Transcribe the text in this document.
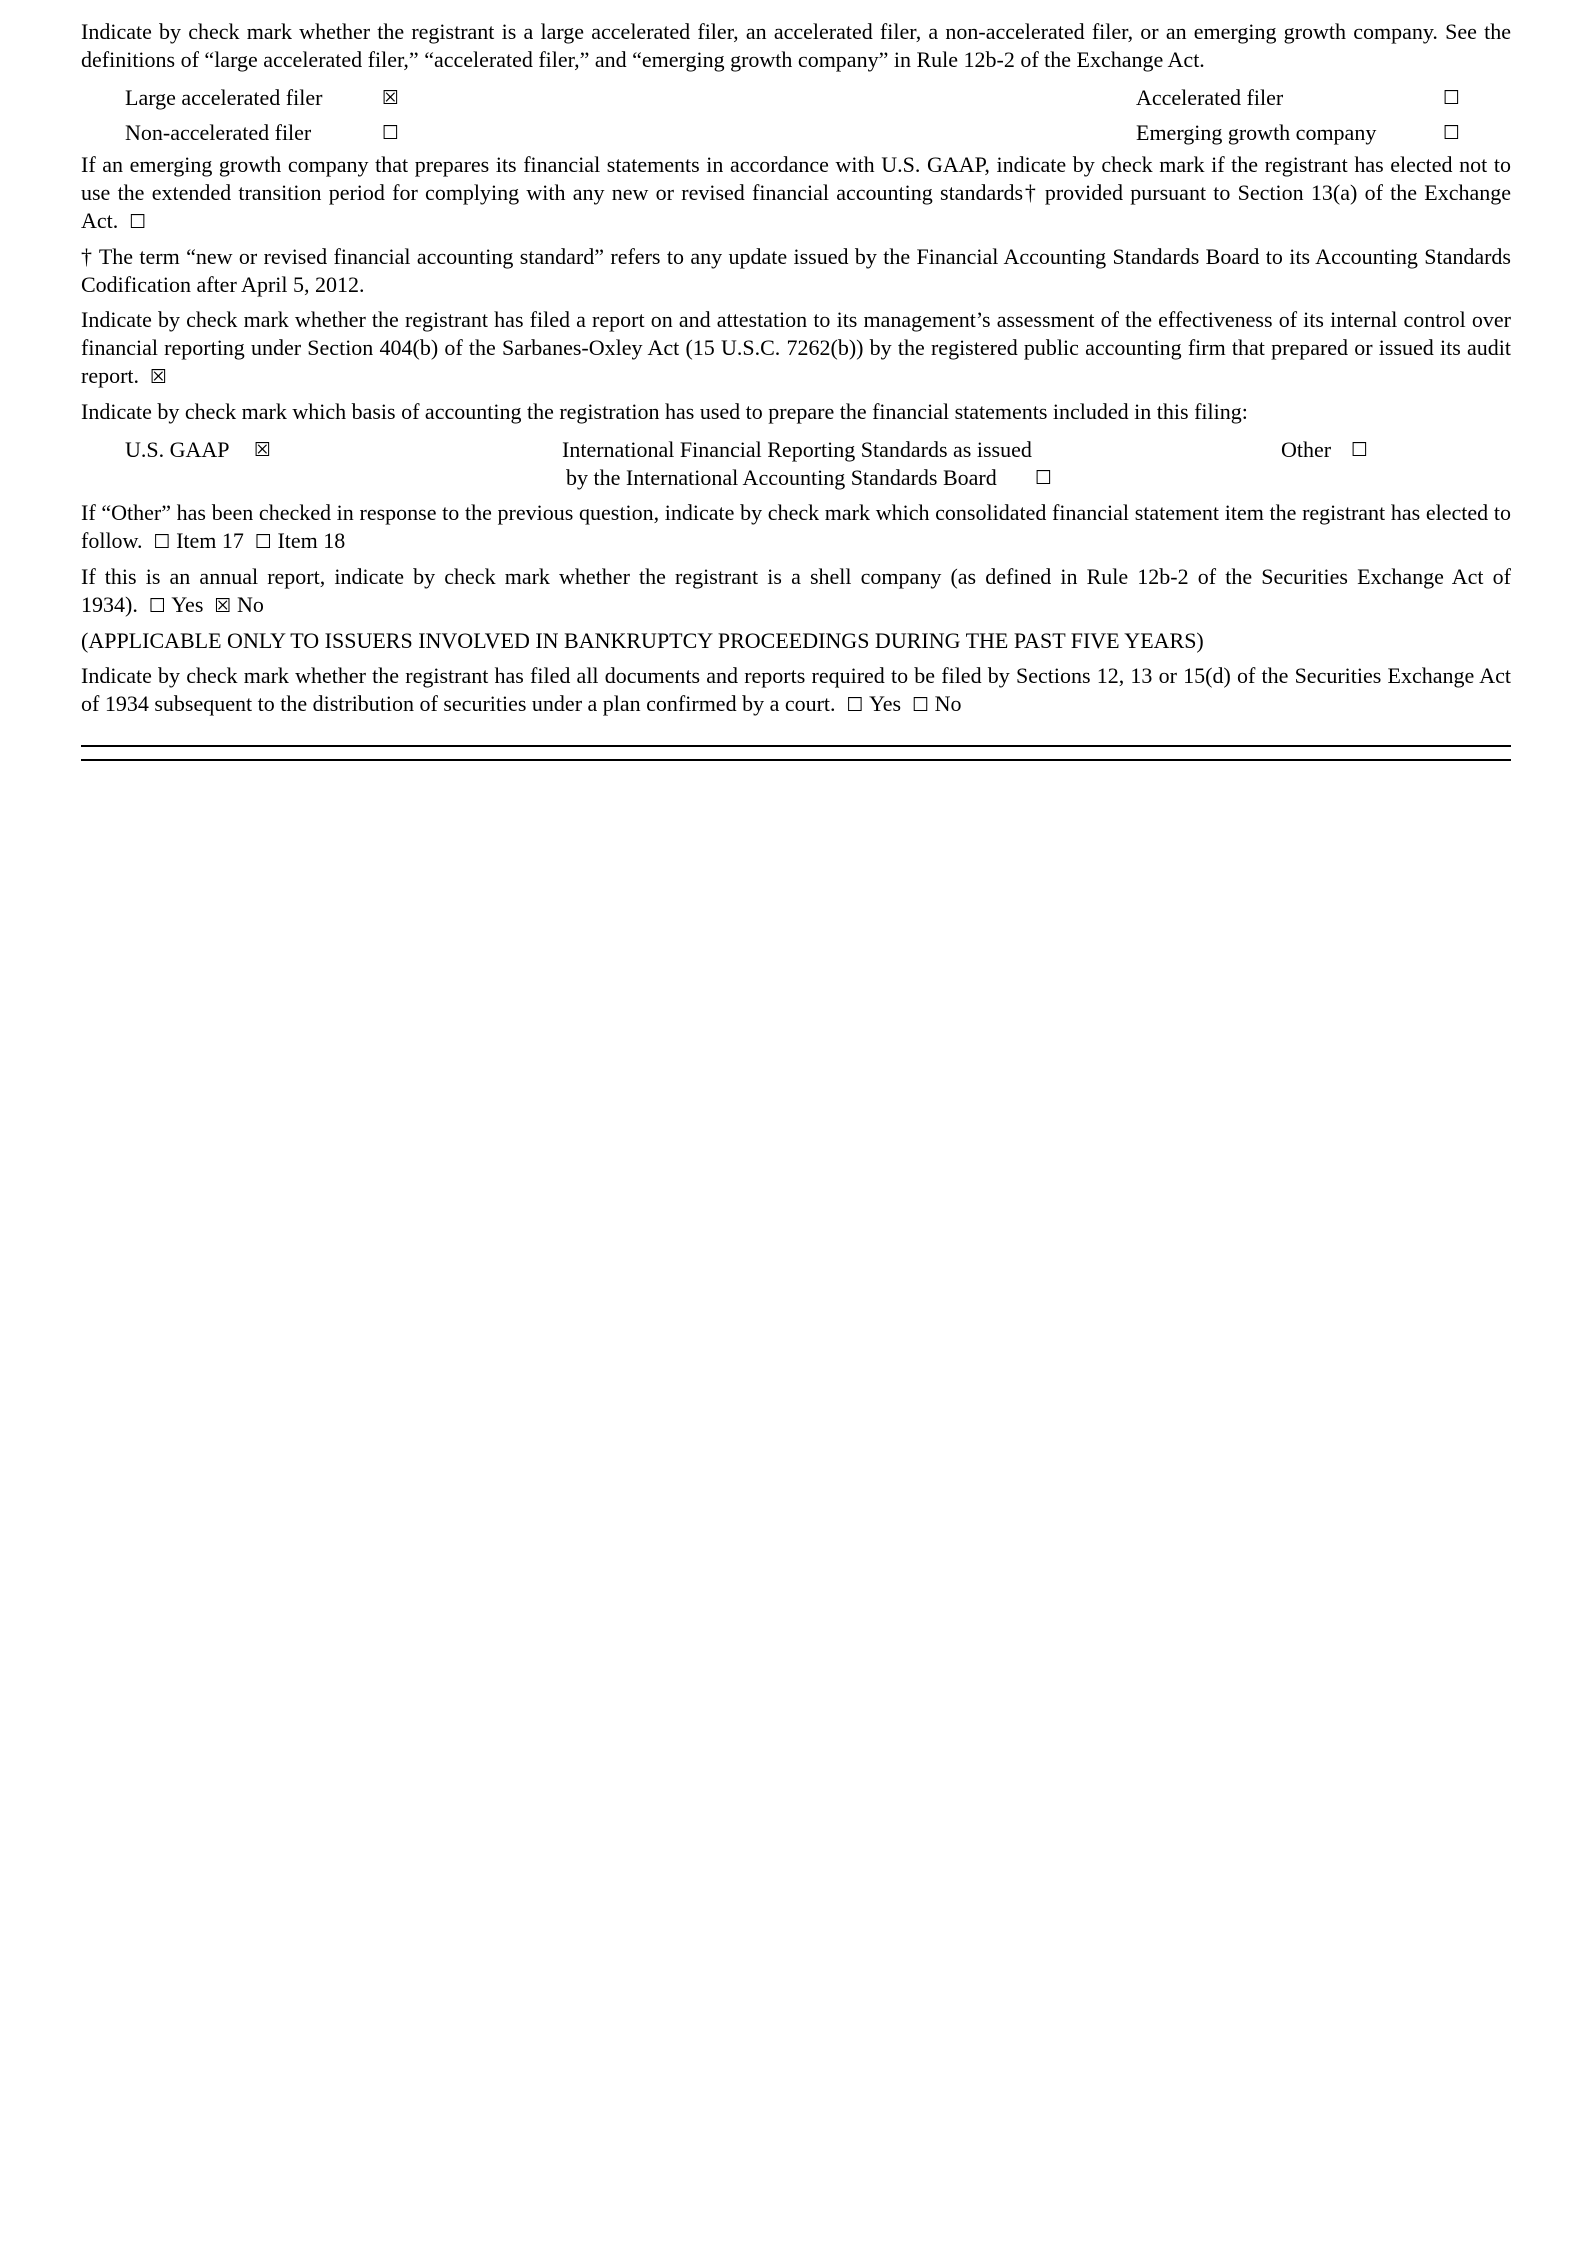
Indicate by check mark whether the registrant is a large accelerated filer, an accelerated filer, a non-accelerated filer, or an emerging growth company. See the definitions of “large accelerated filer,” “accelerated filer,” and “emerging growth company” in Rule 12b-2 of the Exchange Act.

Large accelerated filer	☒	Accelerated filer	☐
Non-accelerated filer	☐	Emerging growth company	☐

If an emerging growth company that prepares its financial statements in accordance with U.S. GAAP, indicate by check mark if the registrant has elected not to use the extended transition period for complying with any new or revised financial accounting standards† provided pursuant to Section 13(a) of the Exchange Act. ☐

† The term “new or revised financial accounting standard” refers to any update issued by the Financial Accounting Standards Board to its Accounting Standards Codification after April 5, 2012.

Indicate by check mark whether the registrant has filed a report on and attestation to its management’s assessment of the effectiveness of its internal control over financial reporting under Section 404(b) of the Sarbanes-Oxley Act (15 U.S.C. 7262(b)) by the registered public accounting firm that prepared or issued its audit report. ☒

Indicate by check mark which basis of accounting the registration has used to prepare the financial statements included in this filing:

U.S. GAAP ☒	International Financial Reporting Standards as issued
by the International Accounting Standards Board ☐
Other ☐

If “Other” has been checked in response to the previous question, indicate by check mark which consolidated financial statement item the registrant has elected to follow. ☐ Item 17 ☐ Item 18

If this is an annual report, indicate by check mark whether the registrant is a shell company (as defined in Rule 12b-2 of the Securities Exchange Act of 1934). ☐ Yes ☒ No

(APPLICABLE ONLY TO ISSUERS INVOLVED IN BANKRUPTCY PROCEEDINGS DURING THE PAST FIVE YEARS)

Indicate by check mark whether the registrant has filed all documents and reports required to be filed by Sections 12, 13 or 15(d) of the Securities Exchange Act of 1934 subsequent to the distribution of securities under a plan confirmed by a court. ☐ Yes ☐ No
